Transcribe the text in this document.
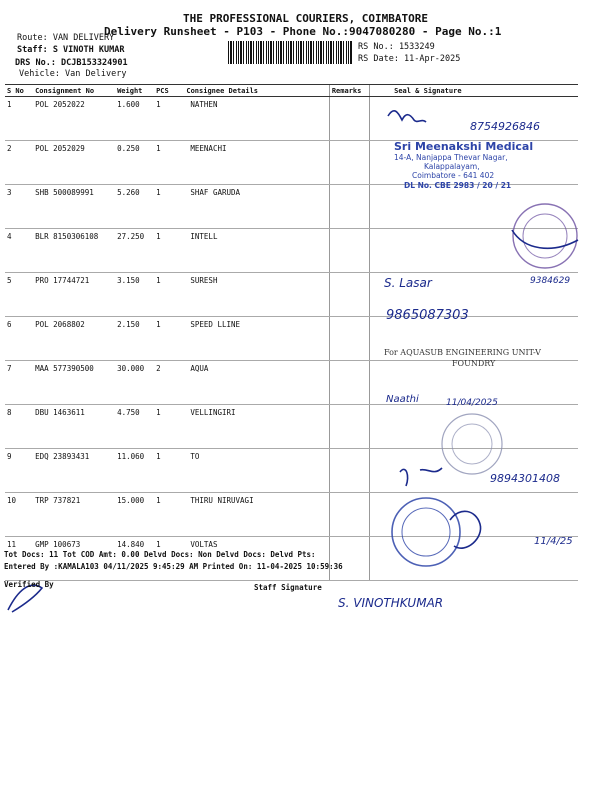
THE PROFESSIONAL COURIERS, COIMBATORE
Delivery Runsheet - P103 - Phone No.:9047080280 - Page No.:1
Route: VAN DELIVERY
Staff: S VINOTH KUMAR
DRS No.: DCJB153324901
Vehicle: Van Delivery
RS No.: 1533249
RS Date: 11-Apr-2025
S No	Consignment No	Weight	PCS	Consignee Details	Remarks	Seal & Signature
1	POL 2052022	1.600	1	NATHEN		
2	POL 2052029	0.250	1	MEENACHI		
3	SHB 500089991	5.260	1	SHAF GARUDA		
4	BLR 8150306108	27.250	1	INTELL		
5	PRO 17744721	3.150	1	SURESH		
6	POL 2068802	2.150	1	SPEED LLINE		
7	MAA 577390500	30.000	2	AQUA		
8	DBU 1463611	4.750	1	VELLINGIRI		
9	EDQ 23893431	11.060	1	TO		
10	TRP 737821	15.000	1	THIRU NIRUVAGI		
11	GMP 100673	14.840	1	VOLTAS		
Sri Meenakshi Medical
14-A, Nanjappa Thevar Nagar,
Kalappalayam,
Coimbatore - 641 402
DL No. CBE 2983 / 20 / 21
For AQUASUB ENGINEERING UNIT-V
FOUNDRY
8754926846
S. Lasar	9384629
9865087303
Naathi	11/04/2025
9894301408
11/4/25
S. VINOTHKUMAR
Tot Docs: 11 Tot COD Amt: 0.00 Delvd Docs: Non Delvd Docs: Delvd Pts:
Entered By :KAMALA103 04/11/2025 9:45:29 AM Printed On: 11-04-2025 10:59:36
Verified By	Staff Signature
